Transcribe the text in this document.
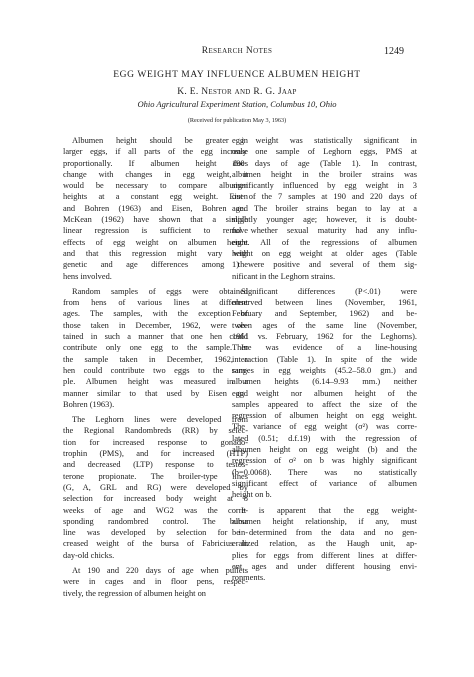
Research Notes	1249
EGG WEIGHT MAY INFLUENCE ALBUMEN HEIGHT
K. E. Nestor and R. G. Jaap
Ohio Agricultural Experiment Station, Columbus 10, Ohio
(Received for publication May 3, 1963)
Albumen height should be greater in
larger eggs, if all parts of the egg increase
proportionally. If albumen height does
change with changes in egg weight, it
would be necessary to compare albumen
heights at a constant egg weight. Eisen
and Bohren (1963) and Eisen, Bohren and
McKean (1962) have shown that a simple
linear regression is sufficient to remove
effects of egg weight on albumen height
and that this regression might vary with
genetic and age differences among the
hens involved.
Random samples of eggs were obtained
from hens of various lines at different
ages. The samples, with the exception of
those taken in December, 1962, were ob-
tained in such a manner that one hen could
contribute only one egg to the sample. In
the sample taken in December, 1962, a
hen could contribute two eggs to the sam-
ple. Albumen height was measured in a
manner similar to that used by Eisen and
Bohren (1963).
The Leghorn lines were developed from
the Regional Randombreds (RR) by selec-
tion for increased response to gonado-
trophin (PMS), and for increased (HTP)
and decreased (LTP) response to testos-
terone propionate. The broiler-type lines
(G, A, GRL and RG) were developed by
selection for increased body weight at 8
weeks of age and WG2 was the corre-
sponding randombred control. The bursa
line was developed by selection for in-
creased weight of the bursa of Fabricius in
day-old chicks.
At 190 and 220 days of age when pullets
were in cages and in floor pens, respec-
tively, the regression of albumen height on
egg weight was statistically significant in
only one sample of Leghorn eggs, PMS at
190 days of age (Table 1). In contrast,
albumen height in the broiler strains was
significantly influenced by egg weight in 3
out of the 7 samples at 190 and 220 days of
age. The broiler strains began to lay at a
slightly younger age; however, it is doubt-
ful whether sexual maturity had any influ-
ence. All of the regressions of albumen
height on egg weight at older ages (Table
1) were positive and several of them sig-
nificant in the Leghorn strains.
Significant differences (P<.01) were
observed between lines (November, 1961,
February and September, 1962) and be-
tween ages of the same line (November,
1961 vs. February, 1962 for the Leghorns).
There was evidence of a line-housing
interaction (Table 1). In spite of the wide
ranges in egg weights (45.2–58.0 gm.) and
albumen heights (6.14–9.93 mm.) neither
egg weight nor albumen height of the
samples appeared to affect the size of the
regression of albumen height on egg weight.
The variance of egg weight (σ²) was corre-
lated (0.51; d.f.19) with the regression of
albumen height on egg weight (b) and the
regression of σ² on b was highly significant
(b=0.0068). There was no statistically
significant effect of variance of albumen
height on b.
It is apparent that the egg weight-
albumen height relationship, if any, must
be determined from the data and no gen-
eralized relation, as the Haugh unit, ap-
plies for eggs from different lines at differ-
ent ages and under different housing envi-
ronments.
